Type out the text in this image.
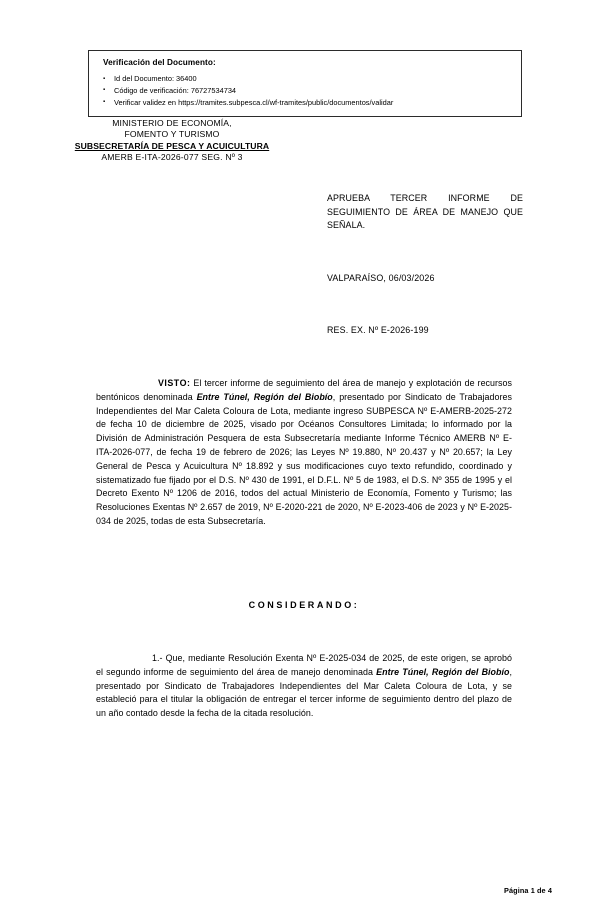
Verificación del Documento:
▪ Id del Documento: 36400
▪ Código de verificación: 76727534734
▪ Verificar validez en https://tramites.subpesca.cl/wf-tramites/public/documentos/validar
MINISTERIO DE ECONOMÍA,
FOMENTO Y TURISMO
SUBSECRETARÍA DE PESCA Y ACUICULTURA
AMERB E-ITA-2026-077 SEG. Nº 3
APRUEBA TERCER INFORME DE SEGUIMIENTO DE ÁREA DE MANEJO QUE SEÑALA.
VALPARAÍSO, 06/03/2026
RES. EX. Nº E-2026-199
VISTO: El tercer informe de seguimiento del área de manejo y explotación de recursos bentónicos denominada Entre Túnel, Región del Biobío, presentado por Sindicato de Trabajadores Independientes del Mar Caleta Coloura de Lota, mediante ingreso SUBPESCA Nº E-AMERB-2025-272 de fecha 10 de diciembre de 2025, visado por Océanos Consultores Limitada; lo informado por la División de Administración Pesquera de esta Subsecretaría mediante Informe Técnico AMERB Nº E-ITA-2026-077, de fecha 19 de febrero de 2026; las Leyes Nº 19.880, Nº 20.437 y Nº 20.657; la Ley General de Pesca y Acuicultura Nº 18.892 y sus modificaciones cuyo texto refundido, coordinado y sistematizado fue fijado por el D.S. Nº 430 de 1991, el D.F.L. Nº 5 de 1983, el D.S. Nº 355 de 1995 y el Decreto Exento Nº 1206 de 2016, todos del actual Ministerio de Economía, Fomento y Turismo; las Resoluciones Exentas Nº 2.657 de 2019, Nº E-2020-221 de 2020, Nº E-2023-406 de 2023 y Nº E-2025-034 de 2025, todas de esta Subsecretaría.
CONSIDERANDO:
1.- Que, mediante Resolución Exenta Nº E-2025-034 de 2025, de este origen, se aprobó el segundo informe de seguimiento del área de manejo denominada Entre Túnel, Región del Biobío, presentado por Sindicato de Trabajadores Independientes del Mar Caleta Coloura de Lota, y se estableció para el titular la obligación de entregar el tercer informe de seguimiento dentro del plazo de un año contado desde la fecha de la citada resolución.
Página 1 de 4
